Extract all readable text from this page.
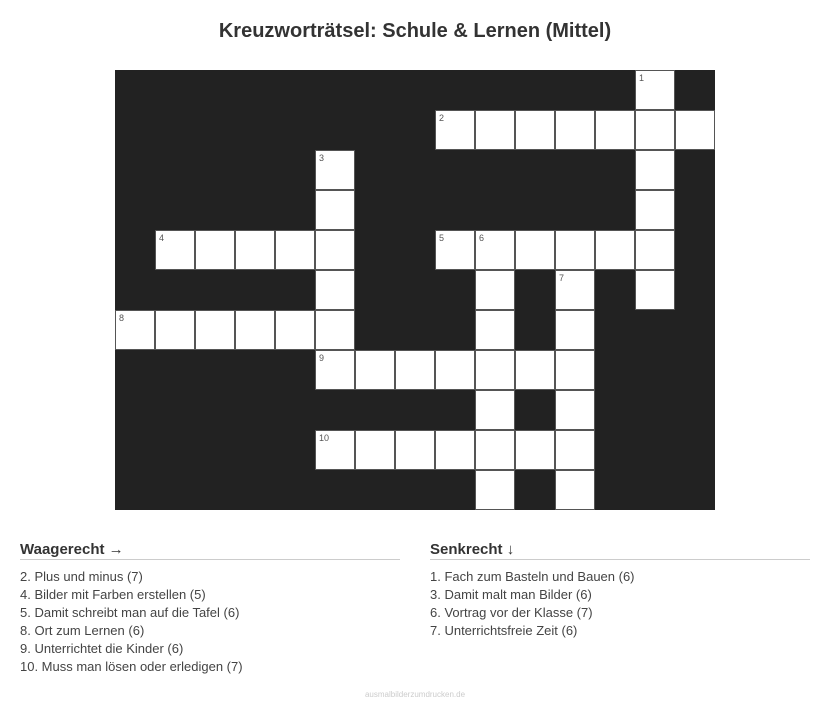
Kreuzworträtsel: Schule & Lernen (Mittel)
1
2
3
4	5	6
7
8
9
10
Waagerecht →
2. Plus und minus (7)
4. Bilder mit Farben erstellen (5)
5. Damit schreibt man auf die Tafel (6)
8. Ort zum Lernen (6)
9. Unterrichtet die Kinder (6)
10. Muss man lösen oder erledigen (7)
Senkrecht ↓
1. Fach zum Basteln und Bauen (6)
3. Damit malt man Bilder (6)
6. Vortrag vor der Klasse (7)
7. Unterrichtsfreie Zeit (6)
ausmalbilderzumdrucken.de
